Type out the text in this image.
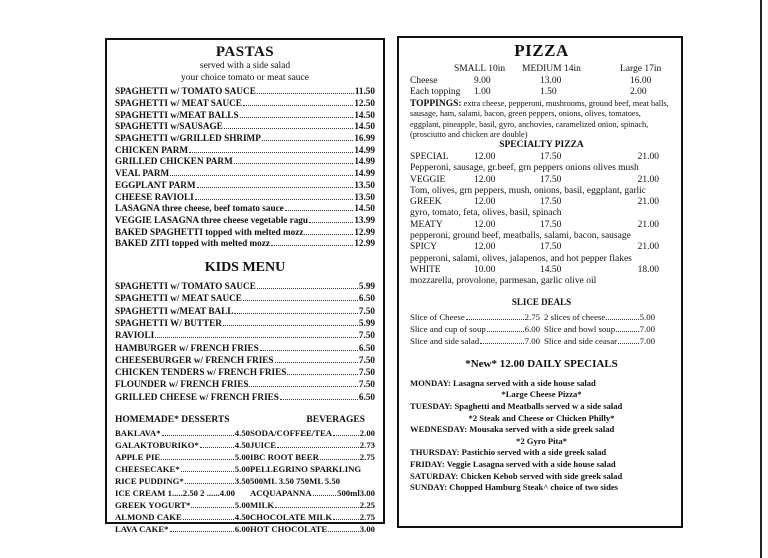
PASTAS
served with a side salad
your choice tomato or meat sauce
SPAGHETTI w/ TOMATO SAUCE	11.50
SPAGHETTI w/ MEAT SAUCE	12.50
SPAGHETTI w/MEAT BALLS	14.50
SPAGHETTI w/SAUSAGE	14.50
SPAGHETTI w/GRILLED SHRIMP	16.99
CHICKEN PARM	14.99
GRILLED CHICKEN PARM	14.99
VEAL PARM	14.99
EGGPLANT PARM	13.50
CHEESE RAVIOLI	13.50
LASAGNA three cheese, beef tomato sauce	14.50
VEGGIE LASAGNA three cheese vegetable ragu	13.99
BAKED SPAGHETTI topped with melted mozz	12.99
BAKED ZITI topped with melted mozz	12.99
KIDS MENU
SPAGHETTI w/ TOMATO SAUCE	5.99
SPAGHETTI w/ MEAT SAUCE	6.50
SPAGHETTI w/MEAT BALL	7.50
SPAGHETTI W/ BUTTER	5.99
RAVIOLI	7.50
HAMBURGER w/ FRENCH FRIES	6.50
CHEESEBURGER w/ FRENCH FRIES	7.50
CHICKEN TENDERS w/ FRENCH FRIES	7.50
FLOUNDER w/ FRENCH FRIES	7.50
GRILLED CHEESE w/ FRENCH FRIES	6.50
HOMEMADE* DESSERTS	BEVERAGES
BAKLAVA*	4.50 SODA/COFFEE/TEA	2.00
GALAKTOBURIKO*	4.50 JUICE	2.73
APPLE PIE	5.00 IBC ROOT BEER	2.75
CHEESECAKE*	5.00 PELLEGRINO SPARKLING
RICE PUDDING*	3.50 500ML 3.50 750ML 5.50
ICE CREAM 1.....2.50 2 ......4.00 ACQUAPANNA	500ml3.00
GREEK YOGURT*	5.00 MILK	2.25
ALMOND CAKE	4.50 CHOCOLATE MILK	2.75
LAVA CAKE*	6.00 HOT CHOCOLATE	3.00
PIZZA
SMALL 10in	MEDIUM 14in	Large 17in
Cheese	9.00	13.00	16.00
Each topping	1.00	1.50	2.00
TOPPINGS: extra cheese, pepperoni, mushrooms, ground beef, meat balls, sausage, ham, salami, bacon, green peppers, onions, olives, tomatoes, eggplant, pineapple, basil, gyro, anchovies, caramelized onion, spinach, (prosciutto and chicken are double)
SPECIALTY PIZZA
SPECIAL	12.00	17.50	21.00
Pepperoni, sausage, gr.beef, grn peppers onions olives mush
VEGGIE	12.00	17.50	21.00
Tom, olives, grn peppers, mush, onions, basil, eggplant, garlic
GREEK	12.00	17.50	21.00
gyro, tomato, feta, olives, basil, spinach
MEATY	12.00	17.50	21.00
pepperoni, ground beef, meatballs, salami, bacon, sausage
SPICY	12.00	17.50	21.00
pepperoni, salami, olives, jalapenos, and hot pepper flakes
WHITE	10.00	14.50	18.00
mozzarella, provolone, parmesan, garlic olive oil
SLICE DEALS
Slice of Cheese	2.75 2 slices of cheese	5.00
Slice and cup of soup	6.00 Slice and bowl soup	7.00
Slice and side salad	7.00 Slice and side ceasar	7.00
*New* 12.00 DAILY SPECIALS
MONDAY: Lasagna served with a side house salad
*Large Cheese Pizza*
TUESDAY: Spaghetti and Meatballs served w a side salad
*2 Steak and Cheese or Chicken Philly*
WEDNESDAY: Mousaka served with a side greek salad
*2 Gyro Pita*
THURSDAY: Pastichio served with a side greek salad
FRIDAY: Veggie Lasagna served with a side house salad
SATURDAY: Chicken Kebob served with side greek salad
SUNDAY: Chopped Hamburg Steak^ choice of two sides
